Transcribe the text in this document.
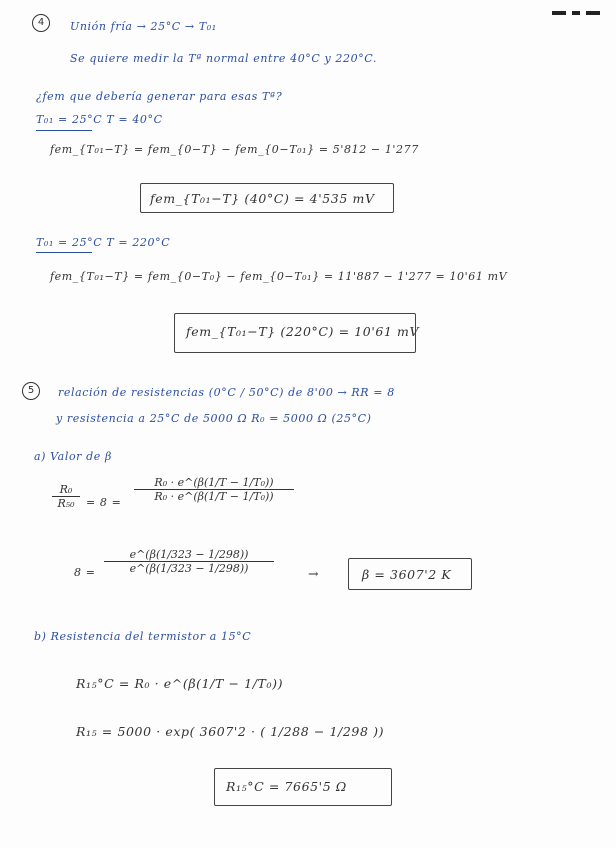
4	Unión fría → 25°C → T₀₁
Se quiere medir la Tª normal entre 40°C y 220°C.
¿fem que debería generar para esas Tª?
T₀₁ = 25°C T = 40°C
fem_{T₀₁−T} = fem_{0−T} − fem_{0−T₀₁} = 5'812 − 1'277
fem_{T₀₁−T} (40°C) = 4'535 mV
T₀₁ = 25°C T = 220°C
fem_{T₀₁−T} = fem_{0−T₀} − fem_{0−T₀₁} = 11'887 − 1'277 = 10'61 mV
fem_{T₀₁−T} (220°C) = 10'61 mV
5	relación de resistencias (0°C / 50°C) de 8'00 → RR = 8
y resistencia a 25°C de 5000 Ω R₀ = 5000 Ω (25°C)
a) Valor de β
$\frac{\text{R₀}}{\text{R₅₀}} = 8 = \frac{\text{R₀ · e\textasciicircum{}(β(1/T − 1/T₀))}}{\text{R₀ · e\textasciicircum{}(β(1/T − 1/T₀))}}$
$8 = \frac{e\^{}(\beta(1/323 - 1/298))}{e\^{}(\beta(1/323 - 1/298))}$	→	β = 3607'2 K
b) Resistencia del termistor a 15°C
R₁₅°C = R₀ · e^(β(1/T − 1/T₀))
R₁₅ = 5000 · exp( 3607'2 · ( 1/288 − 1/298 ))
R₁₅°C = 7665'5 Ω
